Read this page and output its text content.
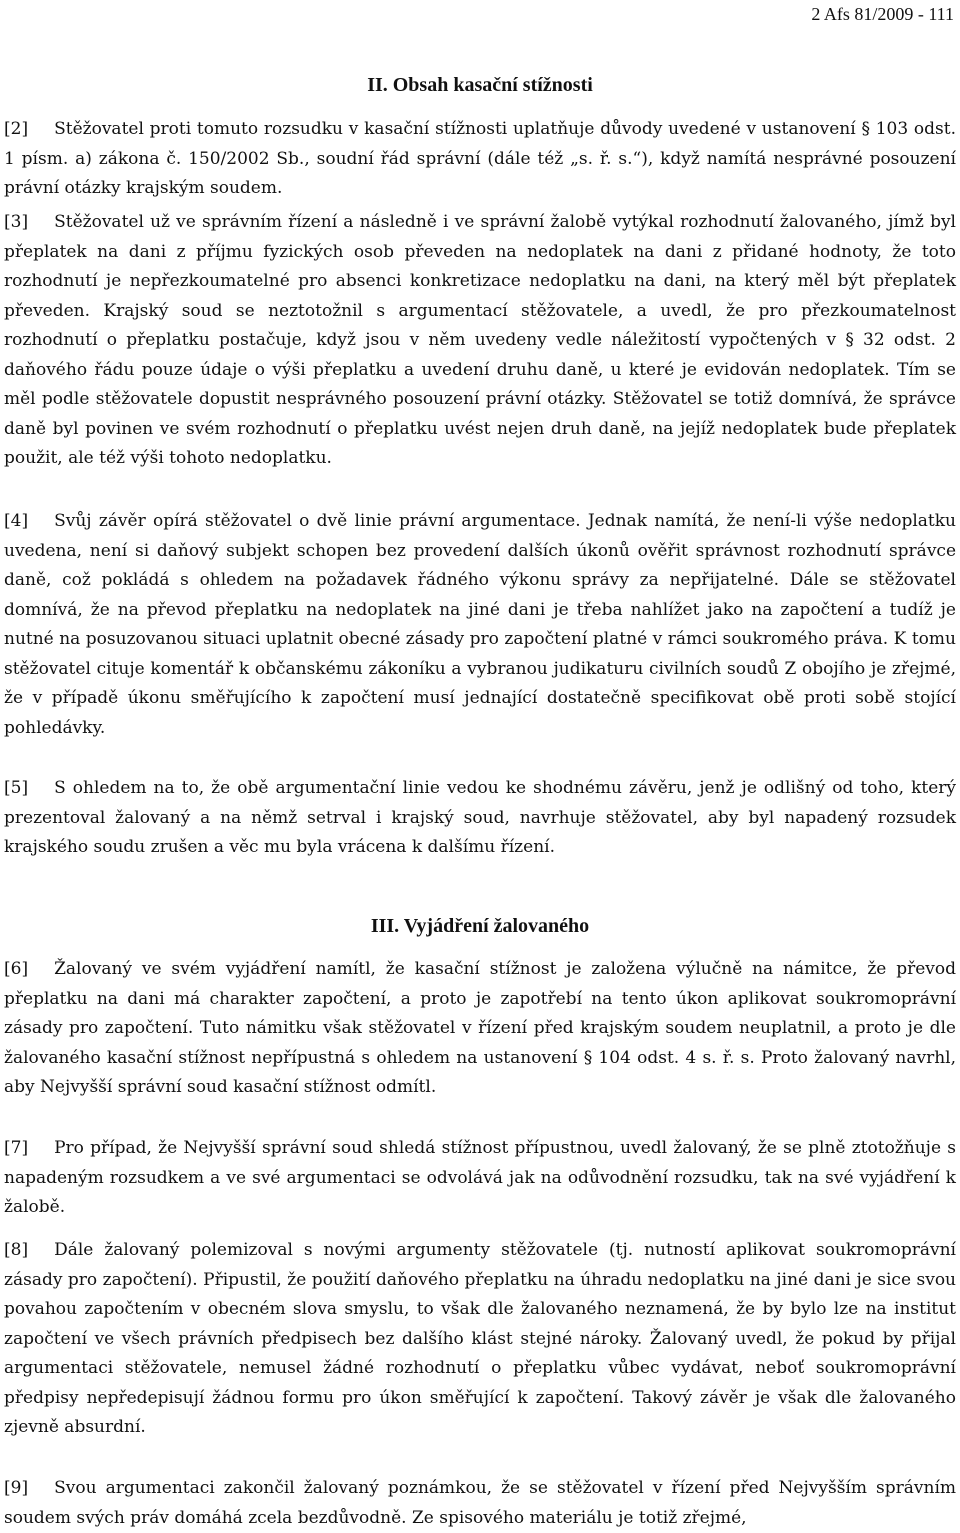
2 Afs 81/2009 - 111
II. Obsah kasační stížnosti

[2] Stěžovatel proti tomuto rozsudku v kasační stížnosti uplatňuje důvody uvedené v ustanovení § 103 odst. 1 písm. a) zákona č. 150/2002 Sb., soudní řád správní (dále též „s. ř. s.“), když namítá nesprávné posouzení právní otázky krajským soudem.

[3] Stěžovatel už ve správním řízení a následně i ve správní žalobě vytýkal rozhodnutí žalovaného, jímž byl přeplatek na dani z příjmu fyzických osob převeden na nedoplatek na dani z přidané hodnoty, že toto rozhodnutí je nepřezkoumatelné pro absenci konkretizace nedoplatku na dani, na který měl být přeplatek převeden. Krajský soud se neztotožnil s argumentací stěžovatele, a uvedl, že pro přezkoumatelnost rozhodnutí o přeplatku postačuje, když jsou v něm uvedeny vedle náležitostí vypočtených v § 32 odst. 2 daňového řádu pouze údaje o výši přeplatku a uvedení druhu daně, u které je evidován nedoplatek. Tím se měl podle stěžovatele dopustit nesprávného posouzení právní otázky. Stěžovatel se totiž domnívá, že správce daně byl povinen ve svém rozhodnutí o přeplatku uvést nejen druh daně, na jejíž nedoplatek bude přeplatek použit, ale též výši tohoto nedoplatku.

[4] Svůj závěr opírá stěžovatel o dvě linie právní argumentace. Jednak namítá, že není-li výše nedoplatku uvedena, není si daňový subjekt schopen bez provedení dalších úkonů ověřit správnost rozhodnutí správce daně, což pokládá s ohledem na požadavek řádného výkonu správy za nepřijatelné. Dále se stěžovatel domnívá, že na převod přeplatku na nedoplatek na jiné dani je třeba nahlížet jako na započtení a tudíž je nutné na posuzovanou situaci uplatnit obecné zásady pro započtení platné v rámci soukromého práva. K tomu stěžovatel cituje komentář k občanskému zákoníku a vybranou judikaturu civilních soudů Z obojího je zřejmé, že v případě úkonu směřujícího k započtení musí jednající dostatečně specifikovat obě proti sobě stojící pohledávky.

[5] S ohledem na to, že obě argumentační linie vedou ke shodnému závěru, jenž je odlišný od toho, který prezentoval žalovaný a na němž setrval i krajský soud, navrhuje stěžovatel, aby byl napadený rozsudek krajského soudu zrušen a věc mu byla vrácena k dalšímu řízení.

III. Vyjádření žalovaného

[6] Žalovaný ve svém vyjádření namítl, že kasační stížnost je založena výlučně na námitce, že převod přeplatku na dani má charakter započtení, a proto je zapotřebí na tento úkon aplikovat soukromoprávní zásady pro započtení. Tuto námitku však stěžovatel v řízení před krajským soudem neuplatnil, a proto je dle žalovaného kasační stížnost nepřípustná s ohledem na ustanovení § 104 odst. 4 s. ř. s. Proto žalovaný navrhl, aby Nejvyšší správní soud kasační stížnost odmítl.

[7] Pro případ, že Nejvyšší správní soud shledá stížnost přípustnou, uvedl žalovaný, že se plně ztotožňuje s napadeným rozsudkem a ve své argumentaci se odvolává jak na odůvodnění rozsudku, tak na své vyjádření k žalobě.

[8] Dále žalovaný polemizoval s novými argumenty stěžovatele (tj. nutností aplikovat soukromoprávní zásady pro započtení). Připustil, že použití daňového přeplatku na úhradu nedoplatku na jiné dani je sice svou povahou započtením v obecném slova smyslu, to však dle žalovaného neznamená, že by bylo lze na institut započtení ve všech právních předpisech bez dalšího klást stejné nároky. Žalovaný uvedl, že pokud by přijal argumentaci stěžovatele, nemusel žádné rozhodnutí o přeplatku vůbec vydávat, neboť soukromoprávní předpisy nepředepisují žádnou formu pro úkon směřující k započtení. Takový závěr je však dle žalovaného zjevně absurdní.

[9] Svou argumentaci zakončil žalovaný poznámkou, že se stěžovatel v řízení před Nejvyšším správním soudem svých práv domáhá zcela bezdůvodně. Ze spisového materiálu je totiž zřejmé,
